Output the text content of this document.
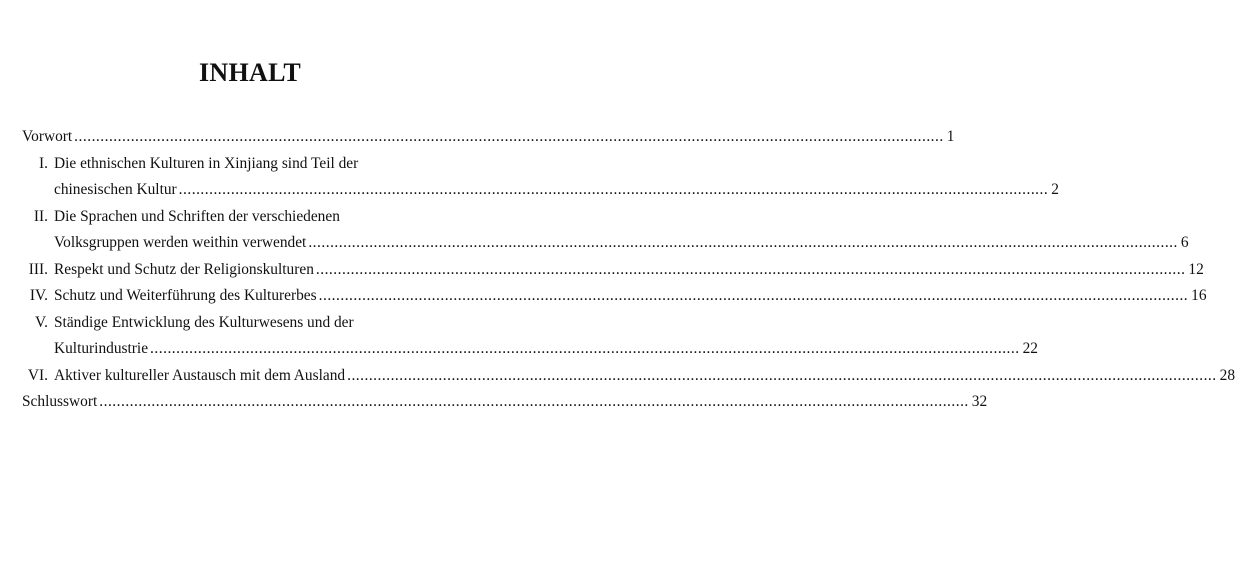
INHALT
Vorwort ........................................................................................................................................................................................................ 1
I. Die ethnischen Kulturen in Xinjiang sind Teil der
chinesischen Kultur ........................................................................................................................................................................................................ 2
II. Die Sprachen und Schriften der verschiedenen
Volksgruppen werden weithin verwendet ........................................................................................................................................................................................................ 6
III. Respekt und Schutz der Religionskulturen ........................................................................................................................................................................................................ 12
IV. Schutz und Weiterführung des Kulturerbes ........................................................................................................................................................................................................ 16
V. Ständige Entwicklung des Kulturwesens und der
Kulturindustrie ........................................................................................................................................................................................................ 22
VI. Aktiver kultureller Austausch mit dem Ausland ........................................................................................................................................................................................................ 28
Schlusswort ........................................................................................................................................................................................................ 32
